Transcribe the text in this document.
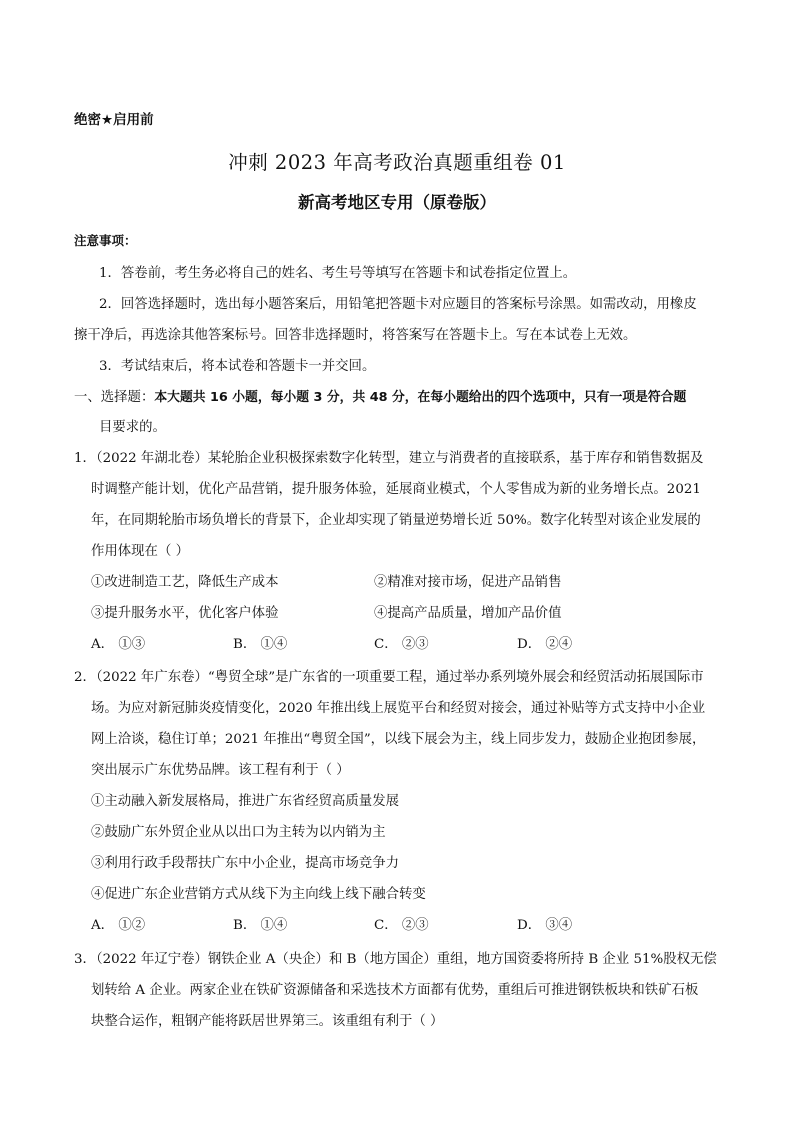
绝密★启用前
冲刺 2023 年高考政治真题重组卷 01
新高考地区专用（原卷版）
注意事项：
1．答卷前，考生务必将自己的姓名、考生号等填写在答题卡和试卷指定位置上。
2．回答选择题时，选出每小题答案后，用铅笔把答题卡对应题目的答案标号涂黑。如需改动，用橡皮
擦干净后，再选涂其他答案标号。回答非选择题时，将答案写在答题卡上。写在本试卷上无效。
3．考试结束后，将本试卷和答题卡一并交回。
一、选择题：本大题共 16 小题，每小题 3 分，共 48 分，在每小题给出的四个选项中，只有一项是符合题
目要求的。
1．（2022 年湖北卷）某轮胎企业积极探索数字化转型，建立与消费者的直接联系，基于库存和销售数据及
时调整产能计划，优化产品营销，提升服务体验，延展商业模式，个人零售成为新的业务增长点。2021
年，在同期轮胎市场负增长的背景下，企业却实现了销量逆势增长近 50%。数字化转型对该企业发展的
作用体现在（ ）
①改进制造工艺，降低生产成本	②精准对接市场，促进产品销售
③提升服务水平，优化客户体验	④提高产品质量，增加产品价值
A． ①③	B． ①④	C． ②③	D． ②④
2．（2022 年广东卷）“粤贸全球”是广东省的一项重要工程，通过举办系列境外展会和经贸活动拓展国际市
场。为应对新冠肺炎疫情变化，2020 年推出线上展览平台和经贸对接会，通过补贴等方式支持中小企业
网上洽谈，稳住订单；2021 年推出“粤贸全国”，以线下展会为主，线上同步发力，鼓励企业抱团参展，
突出展示广东优势品牌。该工程有利于（ ）
①主动融入新发展格局，推进广东省经贸高质量发展
②鼓励广东外贸企业从以出口为主转为以内销为主
③利用行政手段帮扶广东中小企业，提高市场竞争力
④促进广东企业营销方式从线下为主向线上线下融合转变
A． ①②	B． ①④	C． ②③	D． ③④
3．（2022 年辽宁卷）钢铁企业 A（央企）和 B（地方国企）重组，地方国资委将所持 B 企业 51%股权无偿
划转给 A 企业。两家企业在铁矿资源储备和采选技术方面都有优势，重组后可推进钢铁板块和铁矿石板
块整合运作，粗钢产能将跃居世界第三。该重组有利于（ ）
